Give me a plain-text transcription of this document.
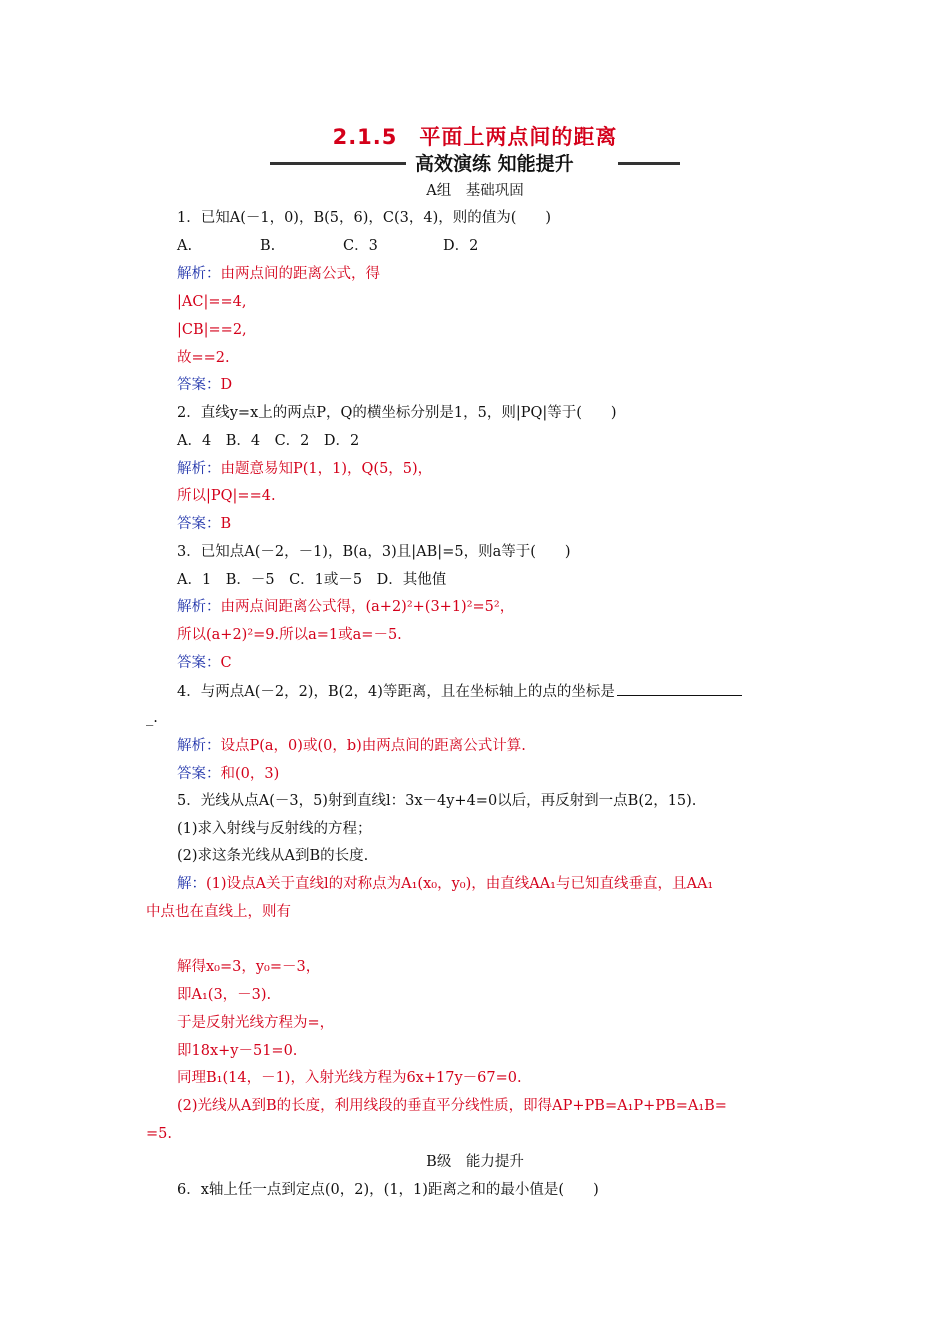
2.1.5　平面上两点间的距离
高效演练 知能提升
A组　基础巩固
1．已知A(－1，0)，B(5，6)，C(3，4)，则的值为(　　)
A.	B.	C．3	D．2
解析：由两点间的距离公式，得
|AC|==4,
|CB|==2,
故==2.
答案：D
2．直线y=x上的两点P，Q的横坐标分别是1，5，则|PQ|等于(　　)
A．4　B．4　C．2　D．2
解析：由题意易知P(1，1)，Q(5，5)，
所以|PQ|==4.
答案：B
3．已知点A(－2，－1)，B(a，3)且|AB|=5，则a等于(　　)
A．1　B．－5　C．1或－5　D．其他值
解析：由两点间距离公式得，(a+2)²+(3+1)²=5²，
所以(a+2)²=9.所以a=1或a=－5.
答案：C
4．与两点A(－2，2)，B(2，4)等距离，且在坐标轴上的点的坐标是
_.
解析：设点P(a，0)或(0，b)由两点间的距离公式计算.
答案：和(0，3)
5．光线从点A(－3，5)射到直线l：3x－4y+4=0以后，再反射到一点B(2，15).
(1)求入射线与反射线的方程；
(2)求这条光线从A到B的长度.
解：(1)设点A关于直线l的对称点为A₁(x₀，y₀)，由直线AA₁与已知直线垂直，且AA₁
中点也在直线上，则有
解得x₀=3，y₀=－3，
即A₁(3，－3).
于是反射光线方程为=，
即18x+y－51=0.
同理B₁(14，－1)，入射光线方程为6x+17y－67=0.
(2)光线从A到B的长度，利用线段的垂直平分线性质，即得AP+PB=A₁P+PB=A₁B=
=5.
B级　能力提升
6．x轴上任一点到定点(0，2)，(1，1)距离之和的最小值是(　　)
